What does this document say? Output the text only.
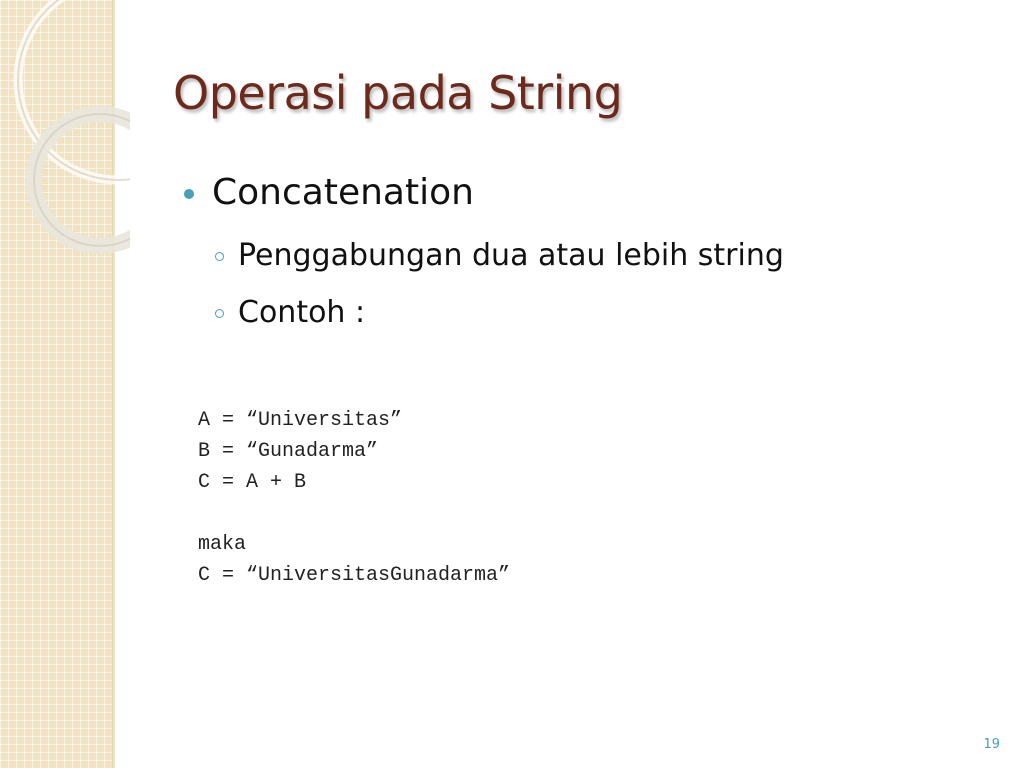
Operasi pada String
Concatenation
Penggabungan dua atau lebih string
Contoh :
A = “Universitas”
B = “Gunadarma”
C = A + B
maka
C = “UniversitasGunadarma”
19
